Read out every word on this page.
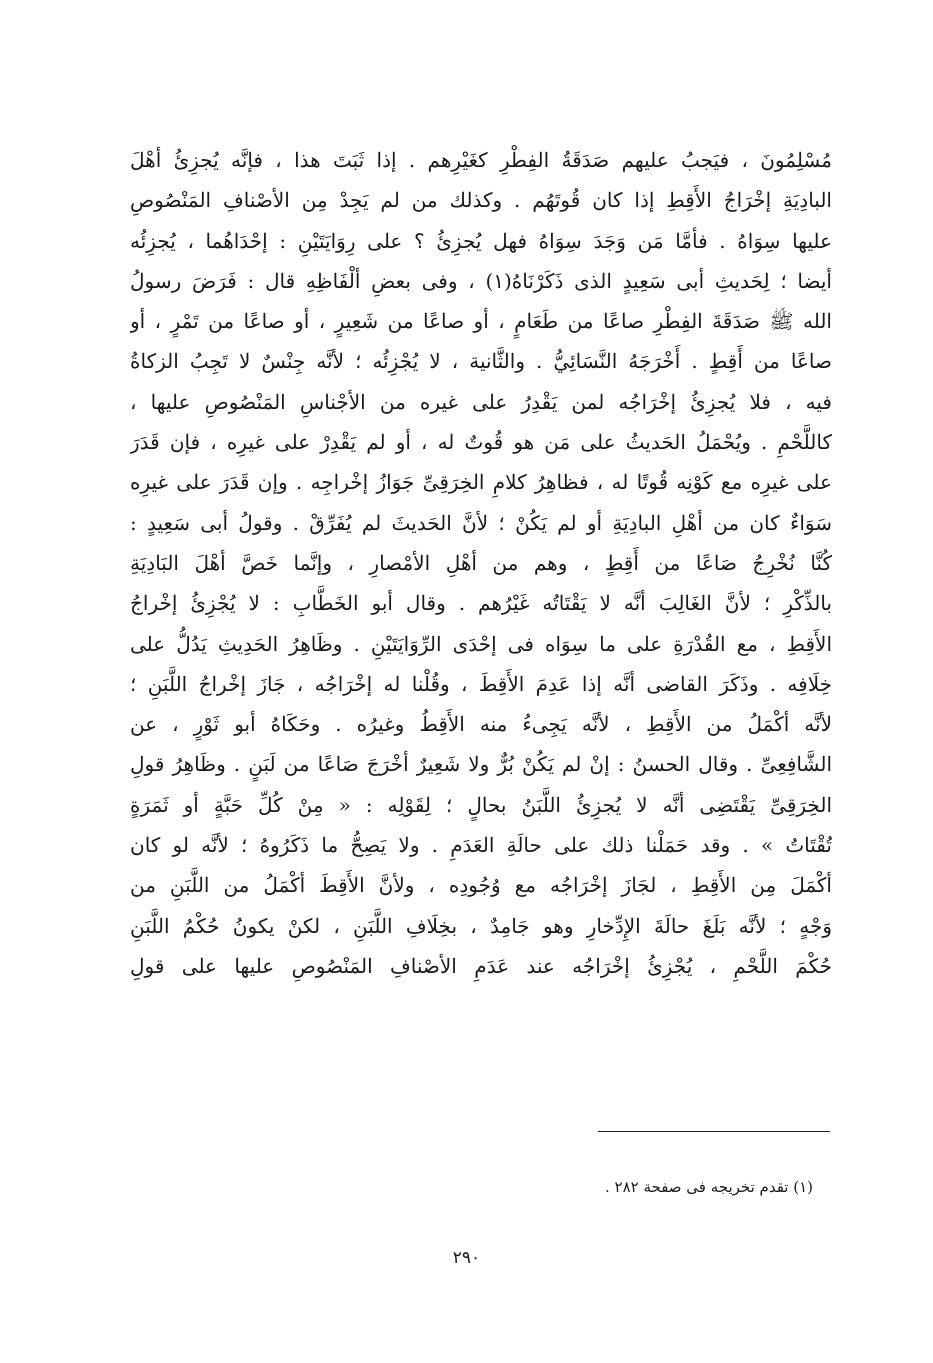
مُسْلِمُونَ ، فيَجبُ عليهم صَدَقَةُ الفِطْرِ كغَيْرِهم . إذا ثَبَتَ هذا ، فإنَّه يُجزِئُ أهْلَ
البادِيَةِ إخْرَاجُ الأَقِطِ إذا كان قُوتَهُم . وكذلك من لم يَجِدْ مِن الأصْنافِ المَنْصُوصِ
عليها سِوَاهُ . فأمَّا مَن وَجَدَ سِوَاهُ فهل يُجزِئُ ؟ على رِوَايَتَيْنِ : إحْدَاهُما ، يُجزِئُه
أيضا ؛ لِحَديثِ أبى سَعِيدٍ الذى ذَكَرْنَاهُ(١) ، وفى بعضِ ألْفَاظِهِ قال : فَرَضَ رسولُ
الله ﷺ صَدَقَةَ الفِطْرِ صاعًا من طَعَامٍ ، أو صاعًا من شَعِيرٍ ، أو صاعًا من تَمْرٍ ، أو
صاعًا من أَقِطٍ . أَخْرَجَهُ النَّسَائِيُّ . والثَّانية ، لا يُجْزِئُه ؛ لأنَّه جِنْسٌ لا تَجِبُ الزكاةُ
فيه ، فلا يُجزِئُ إخْرَاجُه لمن يَقْدِرُ على غيره من الأجْناسِ المَنْصُوصِ عليها ،
كاللَّحْمِ . ويُحْمَلُ الحَديثُ على مَن هو قُوتٌ له ، أو لم يَقْدِرْ على غيرِه ، فإن قَدَرَ
على غيرِه مع كَوْنِه قُوتًا له ، فظاهِرُ كلامِ الخِرَقِىِّ جَوَازُ إخْراجِه . وإن قَدَرَ على غيرِه
سَوَاءٌ كان من أهْلِ البادِيَةِ أو لم يَكُنْ ؛ لأنَّ الحَديثَ لم يُفَرِّقْ . وقولُ أبى سَعِيدٍ :
كُنَّا نُخْرِجُ صَاعًا من أَقِطٍ ، وهم من أهْلِ الأمْصارِ ، وإنَّما خَصَّ أهْلَ البَادِيَةِ
بالذِّكْرِ ؛ لأنَّ الغَالِبَ أنَّه لا يَقْتَاتُه غَيْرُهم . وقال أبو الخَطَّابِ : لا يُجْزِئُ إخْراجُ
الأَقِطِ ، مع القُدْرَةِ على ما سِوَاه فى إحْدَى الرِّوَايَتَيْنِ . وظَاهِرُ الحَدِيثِ يَدُلُّ على
خِلَافِه . وذَكَرَ القاضى أنَّه إذا عَدِمَ الأَقِطَ ، وقُلْنا له إخْرَاجُه ، جَازَ إخْراجُ اللَّبَنِ ؛
لأنَّه أكْمَلُ من الأَقِطِ ، لأنَّه يَجِىءُ منه الأَقِطُ وغيرُه . وحَكَاهُ أبو ثَوْرٍ ، عن
الشَّافِعِىِّ . وقال الحسنُ : إنْ لم يَكُنْ بُرٌّ ولا شَعِيرٌ أخْرَجَ صَاعًا من لَبَنٍ . وظَاهِرُ قولِ
الخِرَقِىِّ يَقْتَضِى أنَّه لا يُجزِئُ اللَّبَنُ بحالٍ ؛ لِقَوْلِه : « مِنْ كُلِّ حَبَّةٍ أو ثَمَرَةٍ
تُقْتَاتُ » . وقد حَمَلْنا ذلك على حالَةِ العَدَمِ . ولا يَصِحُّ ما ذَكَرُوهُ ؛ لأنَّه لو كان
أكْمَلَ مِن الأَقِطِ ، لجَازَ إخْرَاجُه مع وُجُودِه ، ولأنَّ الأَقِطَ أكْمَلُ من اللَّبَنِ من
وَجْهٍ ؛ لأنَّه بَلَغَ حالَةَ الإِدِّخارِ وهو جَامِدٌ ، بخِلَافِ اللَّبَنِ ، لكنْ يكونُ حُكْمُ اللَّبَنِ
حُكْمَ اللَّحْمِ ، يُجْزِئُ إخْرَاجُه عند عَدَمِ الأصْنافِ المَنْصُوصِ عليها على قولِ
(١) تقدم تخريجه فى صفحة ٢٨٢ .
٢٩٠
